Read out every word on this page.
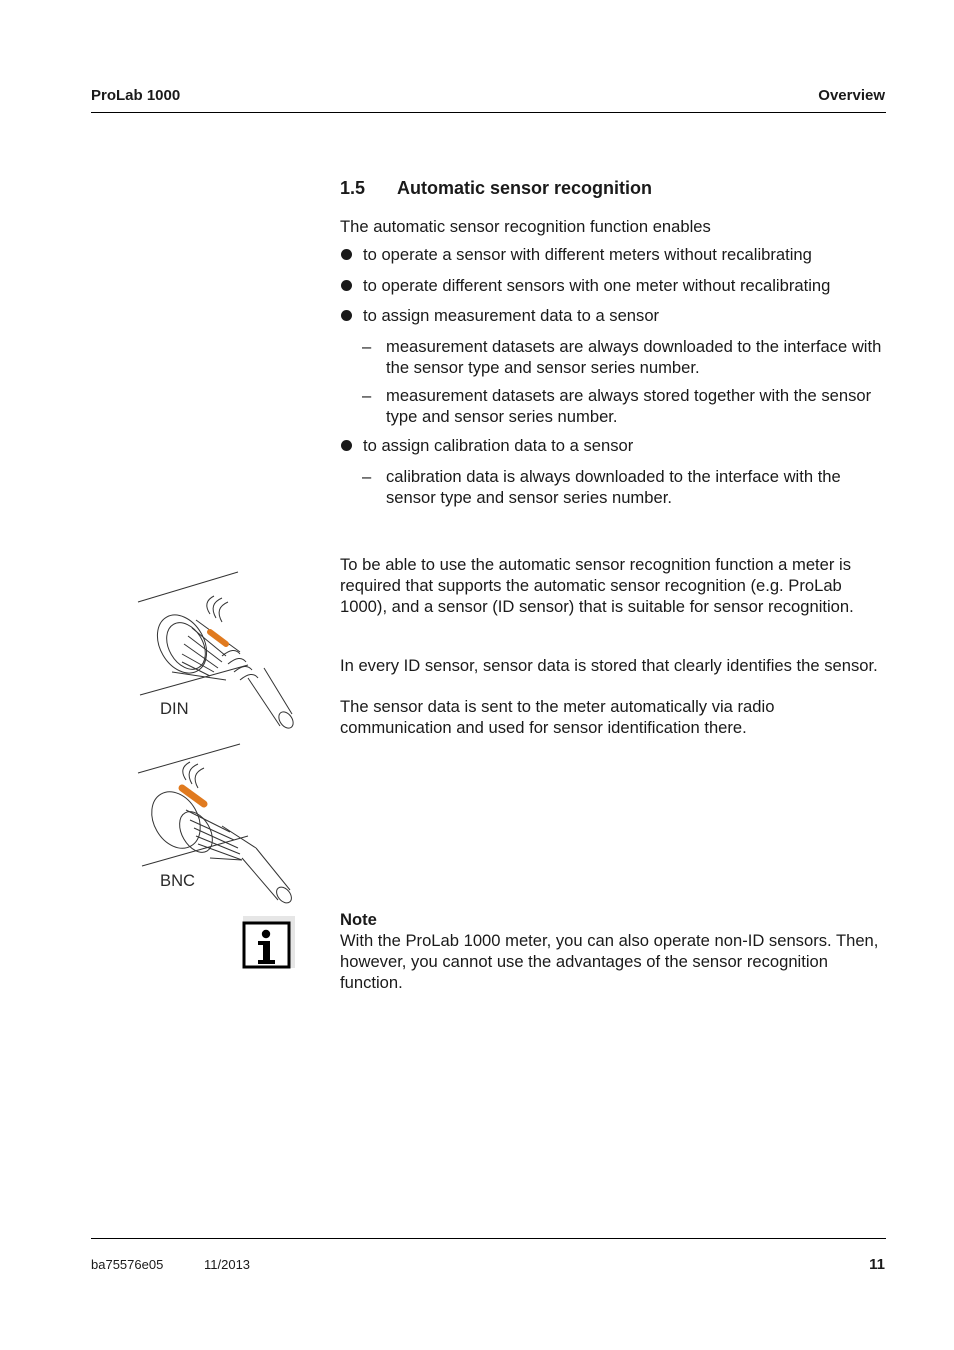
ProLab 1000	Overview
1.5 Automatic sensor recognition
The automatic sensor recognition function enables
to operate a sensor with different meters without recalibrating
to operate different sensors with one meter without recalibrating
to assign measurement data to a sensor
– measurement datasets are always downloaded to the interface with the sensor type and sensor series number.
– measurement datasets are always stored together with the sensor type and sensor series number.
to assign calibration data to a sensor
– calibration data is always downloaded to the interface with the sensor type and sensor series number.
To be able to use the automatic sensor recognition function a meter is required that supports the automatic sensor recognition (e.g. ProLab 1000), and a sensor (ID sensor) that is suitable for sensor recognition.
In every ID sensor, sensor data is stored that clearly identifies the sensor.
The sensor data is sent to the meter automatically via radio communication and used for sensor identification there.
Note
With the ProLab 1000 meter, you can also operate non-ID sensors. Then, however, you cannot use the advantages of the sensor recognition function.
DIN
BNC
ba75576e05	11/2013	11
